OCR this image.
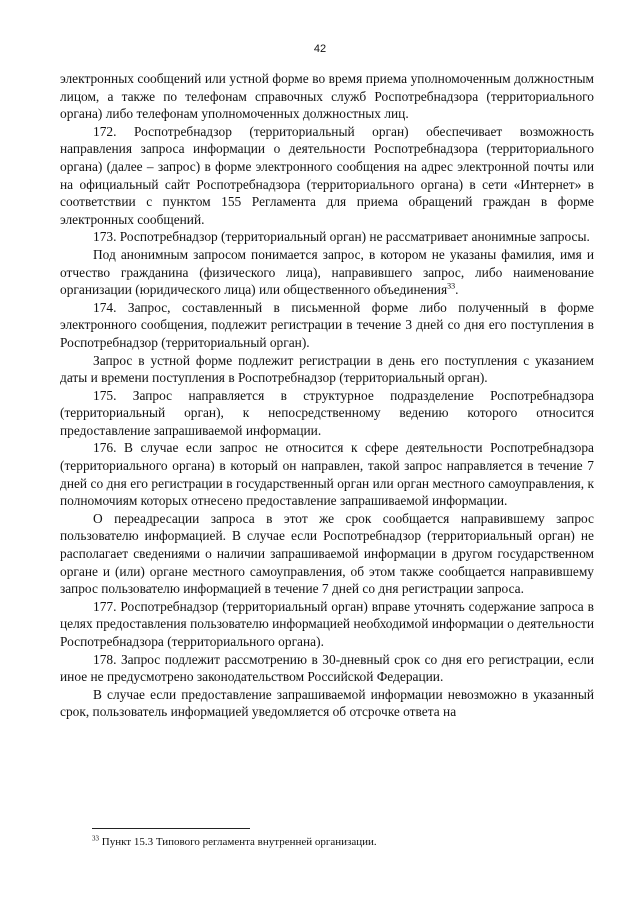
42

электронных сообщений или устной форме во время приема уполномоченным должностным лицом, а также по телефонам справочных служб Роспотребнадзора (территориального органа) либо телефонам уполномоченных должностных лиц.

172. Роспотребнадзор (территориальный орган) обеспечивает возможность направления запроса информации о деятельности Роспотребнадзора (территориального органа) (далее – запрос) в форме электронного сообщения на адрес электронной почты или на официальный сайт Роспотребнадзора (территориального органа) в сети «Интернет» в соответствии с пунктом 155 Регламента для приема обращений граждан в форме электронных сообщений.

173. Роспотребнадзор (территориальный орган) не рассматривает анонимные запросы.

Под анонимным запросом понимается запрос, в котором не указаны фамилия, имя и отчество гражданина (физического лица), направившего запрос, либо наименование организации (юридического лица) или общественного объединения$^{33}$.

174. Запрос, составленный в письменной форме либо полученный в форме электронного сообщения, подлежит регистрации в течение 3 дней со дня его поступления в Роспотребнадзор (территориальный орган).

Запрос в устной форме подлежит регистрации в день его поступления с указанием даты и времени поступления в Роспотребнадзор (территориальный орган).

175. Запрос направляется в структурное подразделение Роспотребнадзора (территориальный орган), к непосредственному ведению которого относится предоставление запрашиваемой информации.

176. В случае если запрос не относится к сфере деятельности Роспотребнадзора (территориального органа) в который он направлен, такой запрос направляется в течение 7 дней со дня его регистрации в государственный орган или орган местного самоуправления, к полномочиям которых отнесено предоставление запрашиваемой информации.

О переадресации запроса в этот же срок сообщается направившему запрос пользователю информацией. В случае если Роспотребнадзор (территориальный орган) не располагает сведениями о наличии запрашиваемой информации в другом государственном органе и (или) органе местного самоуправления, об этом также сообщается направившему запрос пользователю информацией в течение 7 дней со дня регистрации запроса.

177. Роспотребнадзор (территориальный орган) вправе уточнять содержание запроса в целях предоставления пользователю информацией необходимой информации о деятельности Роспотребнадзора (территориального органа).

178. Запрос подлежит рассмотрению в 30-дневный срок со дня его регистрации, если иное не предусмотрено законодательством Российской Федерации.

В случае если предоставление запрашиваемой информации невозможно в указанный срок, пользователь информацией уведомляется об отсрочке ответа на

$^{33}$ Пункт 15.3 Типового регламента внутренней организации.
